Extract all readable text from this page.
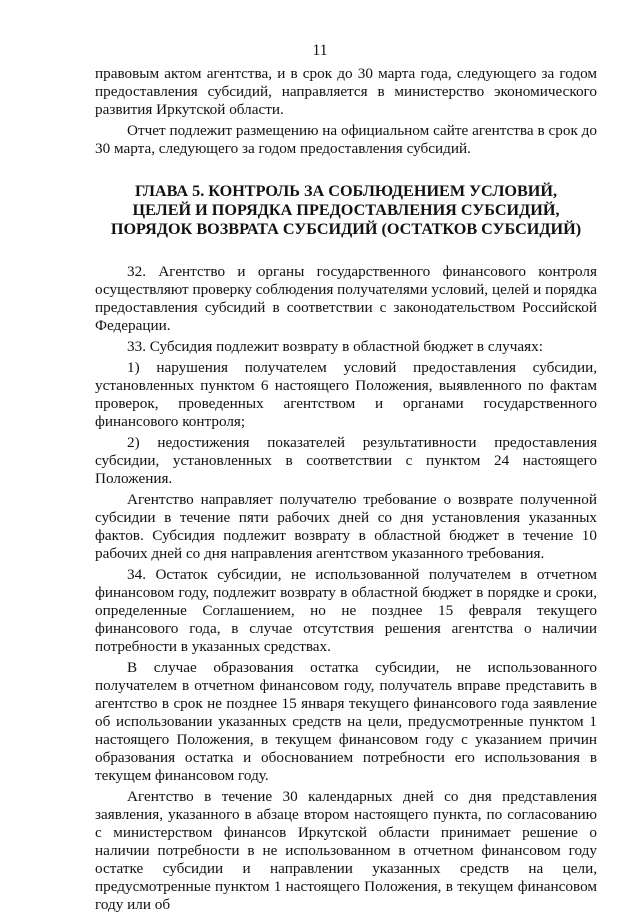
11

правовым актом агентства, и в срок до 30 марта года, следующего за годом предоставления субсидий, направляется в министерство экономического развития Иркутской области.

Отчет подлежит размещению на официальном сайте агентства в срок до 30 марта, следующего за годом предоставления субсидий.

ГЛАВА 5. КОНТРОЛЬ ЗА СОБЛЮДЕНИЕМ УСЛОВИЙ, ЦЕЛЕЙ И ПОРЯДКА ПРЕДОСТАВЛЕНИЯ СУБСИДИЙ, ПОРЯДОК ВОЗВРАТА СУБСИДИЙ (ОСТАТКОВ СУБСИДИЙ)

32. Агентство и органы государственного финансового контроля осуществляют проверку соблюдения получателями условий, целей и порядка предоставления субсидий в соответствии с законодательством Российской Федерации.

33. Субсидия подлежит возврату в областной бюджет в случаях:

1) нарушения получателем условий предоставления субсидии, установленных пунктом 6 настоящего Положения, выявленного по фактам проверок, проведенных агентством и органами государственного финансового контроля;

2) недостижения показателей результативности предоставления субсидии, установленных в соответствии с пунктом 24 настоящего Положения.

Агентство направляет получателю требование о возврате полученной субсидии в течение пяти рабочих дней со дня установления указанных фактов. Субсидия подлежит возврату в областной бюджет в течение 10 рабочих дней со дня направления агентством указанного требования.

34. Остаток субсидии, не использованной получателем в отчетном финансовом году, подлежит возврату в областной бюджет в порядке и сроки, определенные Соглашением, но не позднее 15 февраля текущего финансового года, в случае отсутствия решения агентства о наличии потребности в указанных средствах.

В случае образования остатка субсидии, не использованного получателем в отчетном финансовом году, получатель вправе представить в агентство в срок не позднее 15 января текущего финансового года заявление об использовании указанных средств на цели, предусмотренные пунктом 1 настоящего Положения, в текущем финансовом году с указанием причин образования остатка и обоснованием потребности его использования в текущем финансовом году.

Агентство в течение 30 календарных дней со дня представления заявления, указанного в абзаце втором настоящего пункта, по согласованию с министерством финансов Иркутской области принимает решение о наличии потребности в не использованном в отчетном финансовом году остатке субсидии и направлении указанных средств на цели, предусмотренные пунктом 1 настоящего Положения, в текущем финансовом году или об
